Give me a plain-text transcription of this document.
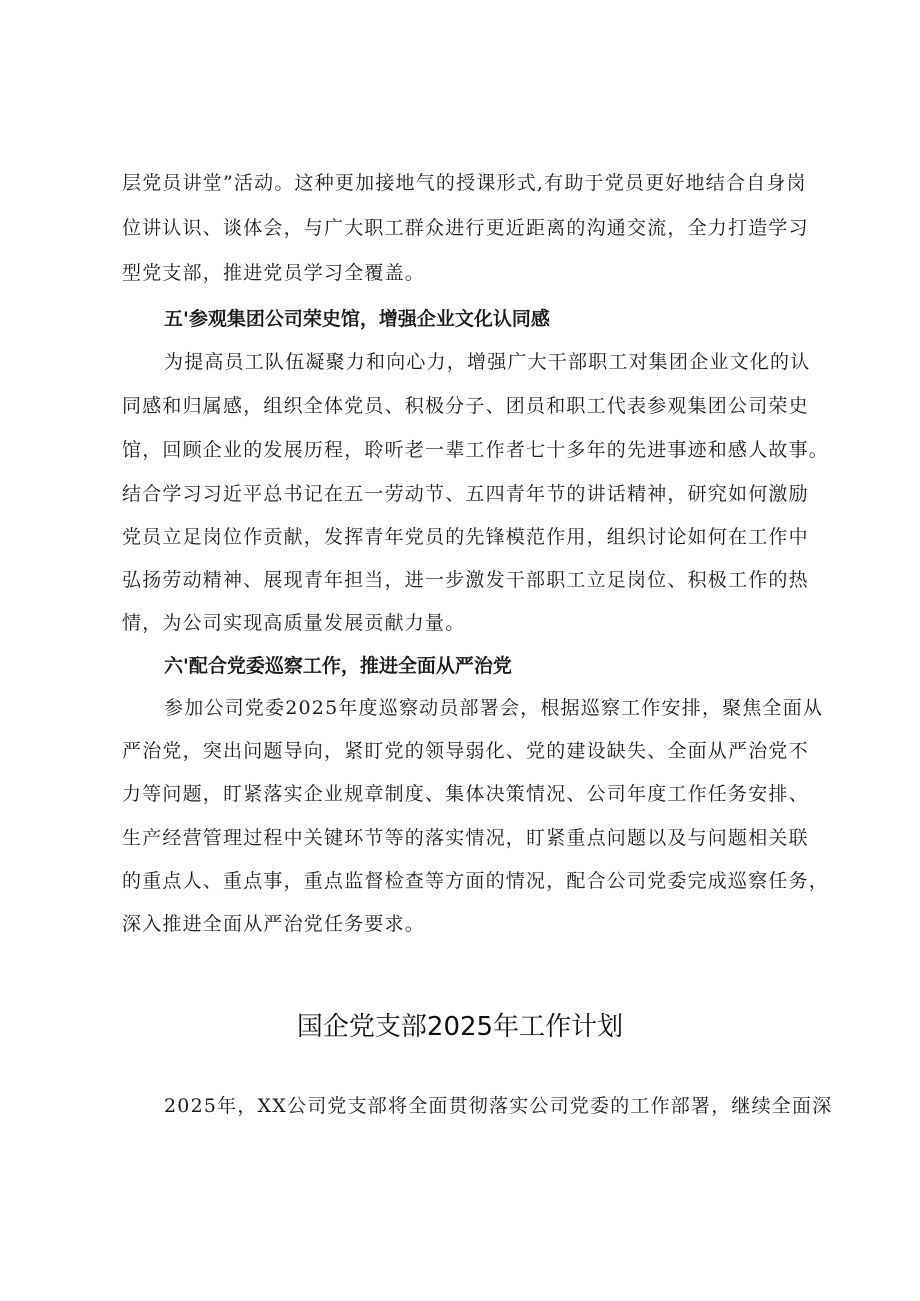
层党员讲堂”活动。这种更加接地气的授课形式,有助于党员更好地结合自身岗
位讲认识、谈体会，与广大职工群众进行更近距离的沟通交流，全力打造学习
型党支部，推进党员学习全覆盖。
五'参观集团公司荣史馆，增强企业文化认同感
为提高员工队伍凝聚力和向心力，增强广大干部职工对集团企业文化的认
同感和归属感，组织全体党员、积极分子、团员和职工代表参观集团公司荣史
馆，回顾企业的发展历程，聆听老一辈工作者七十多年的先进事迹和感人故事。
结合学习习近平总书记在五一劳动节、五四青年节的讲话精神，研究如何激励
党员立足岗位作贡献，发挥青年党员的先锋模范作用，组织讨论如何在工作中
弘扬劳动精神、展现青年担当，进一步激发干部职工立足岗位、积极工作的热
情，为公司实现高质量发展贡献力量。
六'配合党委巡察工作，推进全面从严治党
参加公司党委2025年度巡察动员部署会，根据巡察工作安排，聚焦全面从
严治党，突出问题导向，紧盯党的领导弱化、党的建设缺失、全面从严治党不
力等问题，盯紧落实企业规章制度、集体决策情况、公司年度工作任务安排、
生产经营管理过程中关键环节等的落实情况，盯紧重点问题以及与问题相关联
的重点人、重点事，重点监督检查等方面的情况，配合公司党委完成巡察任务，
深入推进全面从严治党任务要求。
国企党支部2025年工作计划
2025年，XX公司党支部将全面贯彻落实公司党委的工作部署，继续全面深
